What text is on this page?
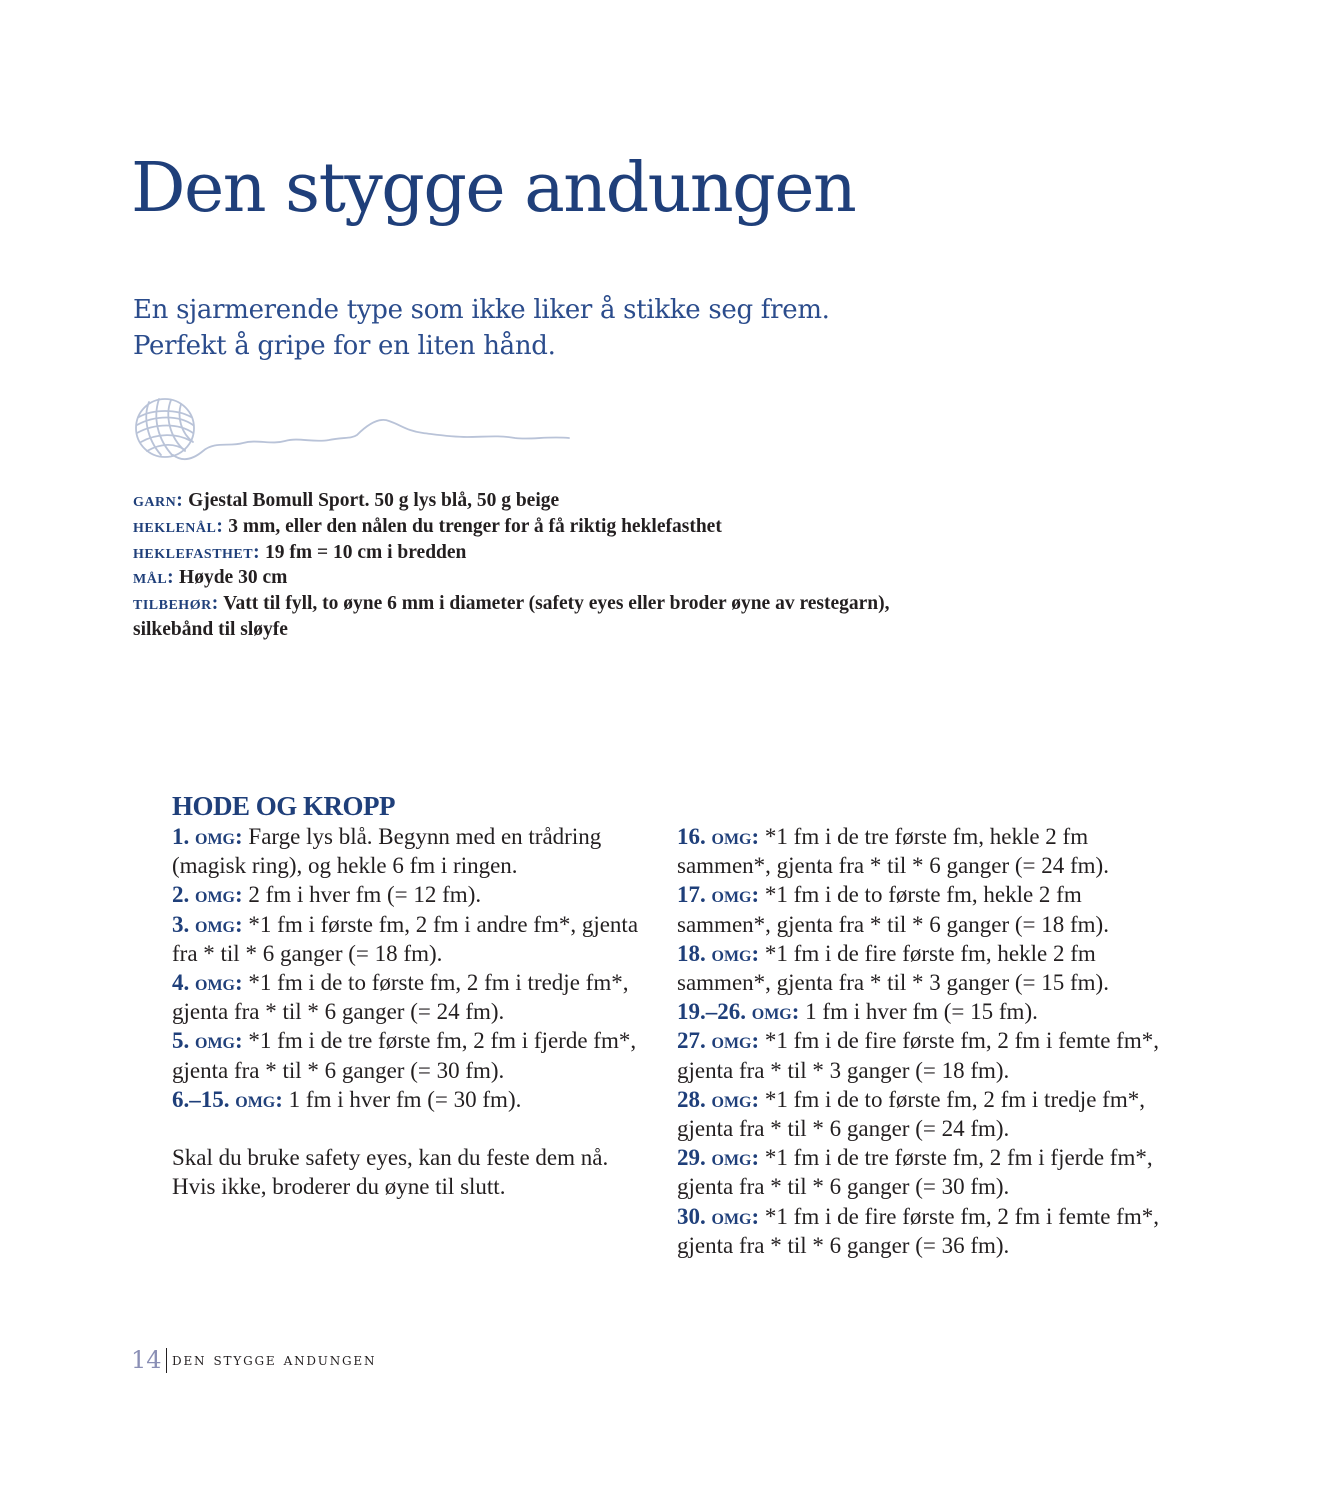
Den stygge andungen
En sjarmerende type som ikke liker å stikke seg frem.
Perfekt å gripe for en liten hånd.
garn: Gjestal Bomull Sport. 50 g lys blå, 50 g beige
heklenål: 3 mm, eller den nålen du trenger for å få riktig heklefasthet
heklefasthet: 19 fm = 10 cm i bredden
mål: Høyde 30 cm
tilbehør: Vatt til fyll, to øyne 6 mm i diameter (safety eyes eller broder øyne av restegarn), silkebånd til sløyfe
HODE OG KROPP

1. omg: Farge lys blå. Begynn med en trådring (magisk ring), og hekle 6 fm i ringen.

2. omg: 2 fm i hver fm (= 12 fm).

3. omg: *1 fm i første fm, 2 fm i andre fm*, gjenta fra * til * 6 ganger (= 18 fm).

4. omg: *1 fm i de to første fm, 2 fm i tredje fm*, gjenta fra * til * 6 ganger (= 24 fm).

5. omg: *1 fm i de tre første fm, 2 fm i fjerde fm*, gjenta fra * til * 6 ganger (= 30 fm).

6.–15. omg: 1 fm i hver fm (= 30 fm).

Skal du bruke safety eyes, kan du feste dem nå. Hvis ikke, broderer du øyne til slutt.

16. omg: *1 fm i de tre første fm, hekle 2 fm sammen*, gjenta fra * til * 6 ganger (= 24 fm).

17. omg: *1 fm i de to første fm, hekle 2 fm sammen*, gjenta fra * til * 6 ganger (= 18 fm).

18. omg: *1 fm i de fire første fm, hekle 2 fm sammen*, gjenta fra * til * 3 ganger (= 15 fm).

19.–26. omg: 1 fm i hver fm (= 15 fm).

27. omg: *1 fm i de fire første fm, 2 fm i femte fm*, gjenta fra * til * 3 ganger (= 18 fm).

28. omg: *1 fm i de to første fm, 2 fm i tredje fm*, gjenta fra * til * 6 ganger (= 24 fm).

29. omg: *1 fm i de tre første fm, 2 fm i fjerde fm*, gjenta fra * til * 6 ganger (= 30 fm).

30. omg: *1 fm i de fire første fm, 2 fm i femte fm*, gjenta fra * til * 6 ganger (= 36 fm).

14 den stygge andungen
